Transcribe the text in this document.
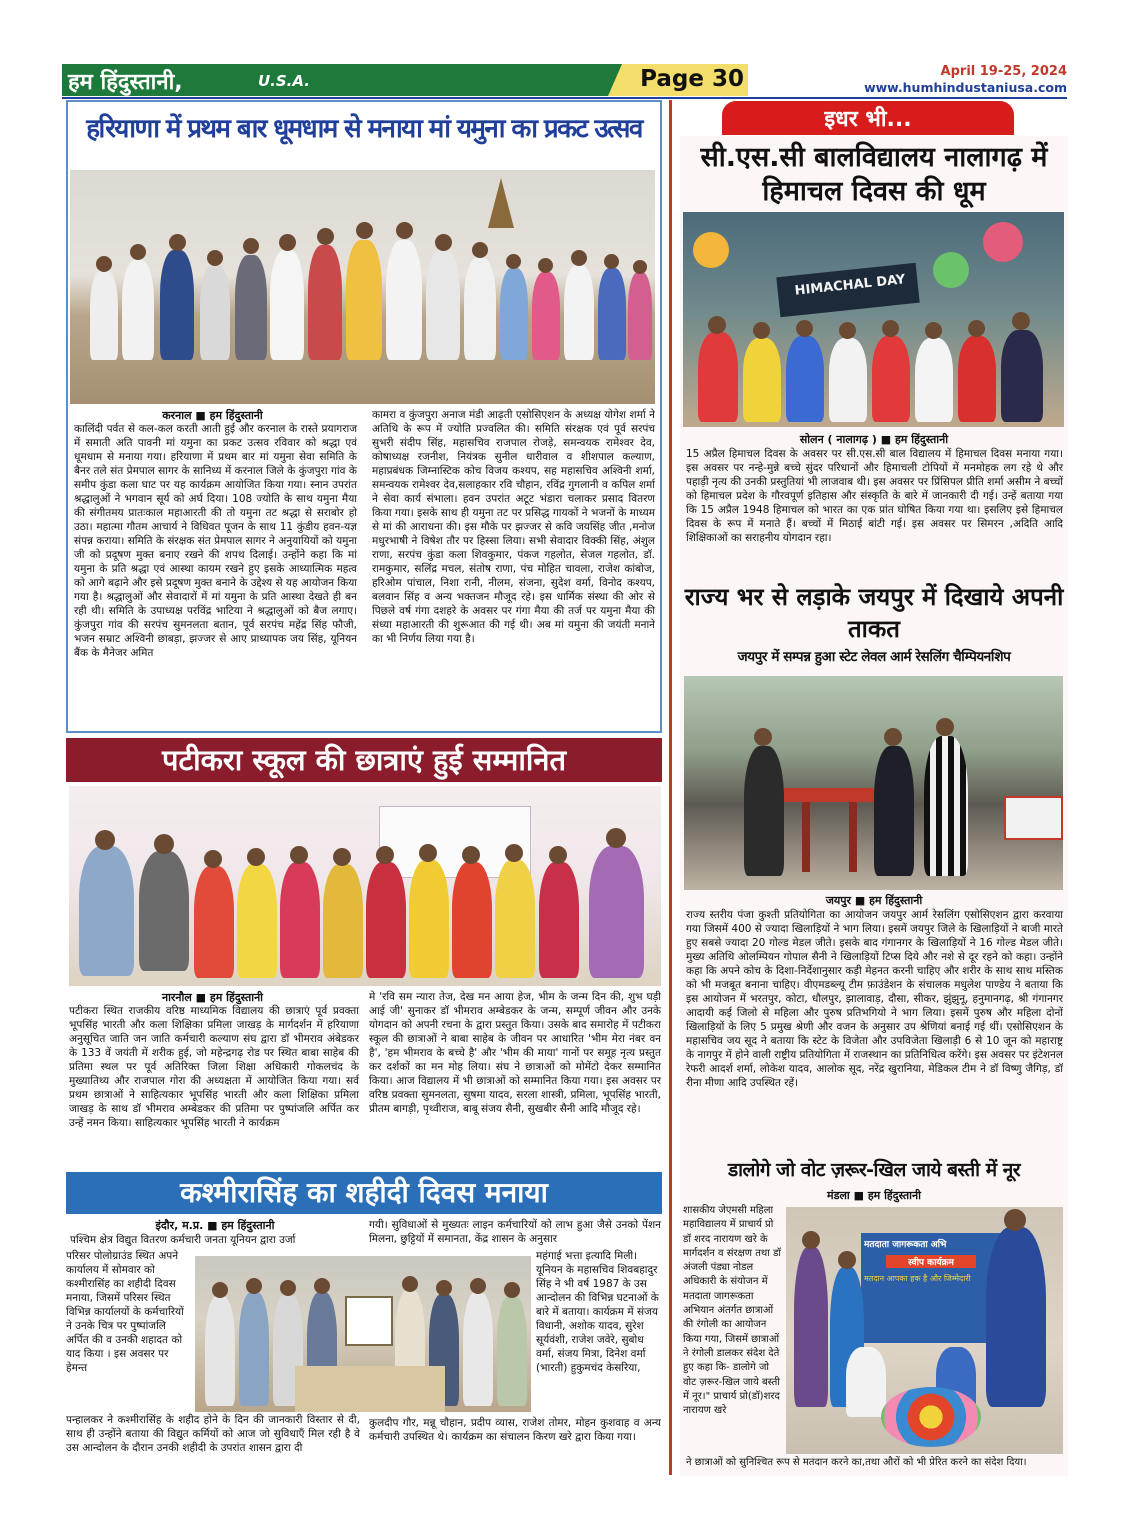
हम हिंदुस्तानी,	U.S.A.	Page 30	April 19-25, 2024
www.humhindustaniusa.com
हरियाणा में प्रथम बार धूमधाम से मनाया मां यमुना का प्रकट उत्सव
करनाल ■ हम हिंदुस्तानी

कालिंदी पर्वत से कल-कल करती आती हुई और करनाल के रास्ते प्रयागराज में समाती अति पावनी मां यमुना का प्रकट उत्सव रविवार को श्रद्धा एवं धूमधाम से मनाया गया। हरियाणा में प्रथम बार मां यमुना सेवा समिति के बैनर तले संत प्रेमपाल सागर के सानिध्य में करनाल जिले के कुंजपुरा गांव के समीप कुंडा कला घाट पर यह कार्यक्रम आयोजित किया गया। स्नान उपरांत श्रद्धालुओं ने भगवान सूर्य को अर्घ दिया। 108 ज्योति के साथ यमुना मैया की संगीतमय प्रातःकाल महाआरती की तो यमुना तट श्रद्धा से सराबोर हो उठा। महात्मा गौतम आचार्य ने विधिवत पूजन के साथ 11 कुंडीय हवन-यज्ञ संपन्न कराया। समिति के संरक्षक संत प्रेमपाल सागर ने अनुयायियों को यमुना जी को प्रदूषण मुक्त बनाए रखने की शपथ दिलाई। उन्होंने कहा कि मां यमुना के प्रति श्रद्धा एवं आस्था कायम रखने हुए इसके आध्यात्मिक महत्व को आगे बढ़ाने और इसे प्रदूषण मुक्त बनाने के उद्देश्य से यह आयोजन किया गया है। श्रद्धालुओं और सेवादारों में मां यमुना के प्रति आस्था देखते ही बन रही थी। समिति के उपाध्यक्ष परविंद्र भाटिया ने श्रद्धालुओं को बैज लगाए। कुंजपुरा गांव की सरपंच सुमनलता बतान, पूर्व सरपंच महेंद्र सिंह फौजी, भजन सम्राट अश्विनी छाबड़ा, झज्जर से आए प्राध्यापक जय सिंह, यूनियन बैंक के मैनेजर अमित

कामरा व कुंजपुरा अनाज मंडी आढ़ती एसोसिएशन के अध्यक्ष योगेश शर्मा ने अतिथि के रूप में ज्योति प्रज्वलित की। समिति संरक्षक एवं पूर्व सरपंच सुभरी संदीप सिंह, महासचिव राजपाल रोजड़े, समन्वयक रामेश्वर देव, कोषाध्यक्ष रजनीश, नियंत्रक सुनील धारीवाल व शीशपाल कल्याण, महाप्रबंधक जिम्नास्टिक कोच विजय कश्यप, सह महासचिव अश्विनी शर्मा, समन्वयक रामेश्वर देव,सलाहकार रवि चौहान, रविंद्र गुगलानी व कपिल शर्मा ने सेवा कार्य संभाला। हवन उपरांत अटूट भंडारा चलाकर प्रसाद वितरण किया गया। इसके साथ ही यमुना तट पर प्रसिद्ध गायकों ने भजनों के माध्यम से मां की आराधना की। इस मौके पर झज्जर से कवि जयसिंह जीत ,मनोज मधुरभाषी ने विषेश तौर पर हिस्सा लिया। सभी सेवादार विक्की सिंह, अंशुल राणा, सरपंच कुंडा कला शिवकुमार, पंकज गहलोत, सेजल गहलोत, डॉ. रामकुमार, सलिंद्र मचल, संतोष राणा, पंच मोहित चावला, राजेश कांबोज, हरिओम पांचाल, निशा रानी, नीलम, संजना, सुदेश वर्मा, विनोद कश्यप, बलवान सिंह व अन्य भक्तजन मौजूद रहे। इस धार्मिक संस्था की ओर से पिछले वर्ष गंगा दशहरे के अवसर पर गंगा मैया की तर्ज पर यमुना मैया की संध्या महाआरती की शुरूआत की गई थी। अब मां यमुना की जयंती मनाने का भी निर्णय लिया गया है।

पटीकरा स्कूल की छात्राएं हुई सम्मानित
नारनौल ■ हम हिंदुस्तानी

पटीकरा स्थित राजकीय वरिष्ठ माध्यमिक विद्यालय की छात्राएं पूर्व प्रवक्ता भूपसिंह भारती और कला शिक्षिका प्रमिला जाखड़ के मार्गदर्शन में हरियाणा अनुसूचित जाति जन जाति कर्मचारी कल्याण संघ द्वारा डॉ भीमराव अंबेडकर के 133 वें जयंती में शरीक हुई, जो महेन्द्रगढ़ रोड पर स्थित बाबा साहेब की प्रतिमा स्थल पर पूर्व अतिरिक्त जिला शिक्षा अधिकारी गोकलचंद के मुख्यातिथ्य और राजपाल गोरा की अध्यक्षता में आयोजित किया गया। सर्व प्रथम छात्राओं ने साहित्यकार भूपसिंह भारती और कला शिक्षिका प्रमिला जाखड़ के साथ डॉ भीमराव अम्बेडकर की प्रतिमा पर पुष्पांजलि अर्पित कर उन्हें नमन किया। साहित्यकार भूपसिंह भारती ने कार्यक्रम

मे 'रवि सम न्यारा तेज, देख मन आया हेज, भीम के जन्म दिन की, शुभ घड़ी आई जी' सुनाकर डॉ भीमराव अम्बेडकर के जन्म, सम्पूर्ण जीवन और उनके योगदान को अपनी रचना के द्वारा प्रस्तुत किया। उसके बाद समारोह में पटीकरा स्कूल की छात्राओं ने बाबा साहेब के जीवन पर आधारित 'भीम मेरा नंबर वन है', 'हम भीमराव के बच्चे है' और 'भीम की माया' गानों पर समूह नृत्य प्रस्तुत कर दर्शकों का मन मोह लिया। संघ ने छात्राओं को मोमेंटो देकर सम्मानित किया। आज विद्यालय में भी छात्राओं को सम्मानित किया गया। इस अवसर पर वरिष्ठ प्रवक्ता सुमनलता, सुषमा यादव, सरला शास्त्री, प्रमिला, भूपसिंह भारती, प्रीतम बागड़ी, पृथ्वीराज, बाबू संजय सैनी, सुखबीर सैनी आदि मौजूद रहे।

कश्मीरासिंह का शहीदी दिवस मनाया
इंदौर, म.प्र. ■ हम हिंदुस्तानी

पश्चिम क्षेत्र विद्युत वितरण कर्मचारी जनता यूनियन द्वारा उर्जा

परिसर पोलोग्राउंड स्थित अपने कार्यालय में सोमवार को कश्मीरासिंह का शहीदी दिवस मनाया, जिसमें परिसर स्थित विभिन्न कार्यालयों के कर्मचारियों ने उनके चित्र पर पुष्पांजलि अर्पित की व उनकी शहादत को याद किया । इस अवसर पर हेमन्त

गयी। सुविधाओं से मुख्यतः लाइन कर्मचारियों को लाभ हुआ जैसे उनको पेंशन मिलना, छुट्टियों में समानता, केंद्र शासन के अनुसार

महंगाई भत्ता इत्यादि मिली। यूनियन के महासचिव शिवबहादुर सिंह ने भी वर्ष 1987 के उस आन्दोलन की विभिन्न घटनाओं के बारे में बताया। कार्यक्रम में संजय विधानी, अशोक यादव, सुरेश सूर्यवंशी, राजेश जवेरे, सुबोध वर्मा, संजय मित्रा, दिनेश वर्मा (भारती) हुकुमचंद केसरिया,

पन्हालकर ने कश्मीरासिंह के शहीद होने के दिन की जानकारी विस्तार से दी, साथ ही उन्होंने बताया की विद्युत कर्मियों को आज जो सुविधाएँ मिल रही है वे उस आन्दोलन के दौरान उनकी शहीदी के उपरांत शासन द्वारा दी

कुलदीप गौर, मन्नू चौहान, प्रदीप व्यास, राजेश तोमर, मोहन कुशवाह व अन्य कर्मचारी उपस्थित थे। कार्यक्रम का संचालन किरण खरे द्वारा किया गया।

इधर भी...
सी.एस.सी बालविद्यालय नालागढ़ में हिमाचल दिवस की धूम
HIMACHAL DAY
सोलन ( नालागढ़ ) ■ हम हिंदुस्तानी

15 अप्रैल हिमाचल दिवस के अवसर पर सी.एस.सी बाल विद्यालय में हिमाचल दिवस मनाया गया। इस अवसर पर नन्हे-मुन्ने बच्चे सुंदर परिधानों और हिमाचली टोपियों में मनमोहक लग रहे थे और पहाड़ी नृत्य की उनकी प्रस्तुतियां भी लाजवाब थी। इस अवसर पर प्रिंसिपल प्रीति शर्मा असीम ने बच्चों को हिमाचल प्रदेश के गौरवपूर्ण इतिहास और संस्कृति के बारे में जानकारी दी गई। उन्हें बताया गया कि 15 अप्रैल 1948 हिमाचल को भारत का एक प्रांत घोषित किया गया था। इसलिए इसे हिमाचल दिवस के रूप में मनाते हैं। बच्चों में मिठाई बांटी गई। इस अवसर पर सिमरन ,अदिति आदि शिक्षिकाओं का सराहनीय योगदान रहा।

राज्य भर से लड़ाके जयपुर में दिखाये अपनी ताकत
जयपुर में सम्पन्न हुआ स्टेट लेवल आर्म रेसलिंग चैम्पियनशिप
जयपुर ■ हम हिंदुस्तानी

राज्य स्तरीय पंजा कुश्ती प्रतियोगिता का आयोजन जयपुर आर्म रेसलिंग एसोसिएशन द्वारा करवाया गया जिसमें 400 से ज्यादा खिलाड़ियों ने भाग लिया। इसमें जयपुर जिले के खिलाड़ियों ने बाजी मारते हुए सबसे ज्यादा 20 गोल्ड मेडल जीते। इसके बाद गंगानगर के खिलाड़ियों ने 16 गोल्ड मेडल जीते। मुख्य अतिथि ओलम्पियन गोपाल सैनी ने खिलाड़ियों टिप्स दिये और नशे से दूर रहने को कहा। उन्होंने कहा कि अपने कोच के दिशा-निर्देशानुसार कड़ी मेहनत करनी चाहिए और शरीर के साथ साथ मस्तिक को भी मजबूत बनाना चाहिए। वीएमडब्ल्यू टीम फ़ाउंडेशन के संचालक मधुलेश पाण्डेय ने बताया कि इस आयोजन में भरतपुर, कोटा, धौलपुर, झालावाड़, दौसा, सीकर, झुंझुनू, हनुमानगढ़, श्री गंगानगर आदायी कई जिलो से महिला और पुरुष प्रतिभगियो ने भाग लिया। इसमें पुरुष और महिला दोनों खिलाड़ियों के लिए 5 प्रमुख श्रेणी और वजन के अनुसार उप श्रेणियां बनाई गई थीं। एसोसिएशन के महासचिव जय सूद ने बताया कि स्टेट के विजेता और उपविजेता खिलाड़ी 6 से 10 जून को महाराष्ट्र के नागपुर में होने वाली राष्ट्रीय प्रतियोगिता में राजस्थान का प्रतिनिधित्व करेंगे। इस अवसर पर इंटेशनल रेफरी आदर्श शर्मा, लोकेश यादव, आलोक सूद, नरेंद्र खुरानिया, मेडिकल टीम ने डॉ विष्णु जैगिड़, डॉ रीना मीणा आदि उपस्थित रहें।

डालोगे जो वोट ज़रूर-खिल जाये बस्ती में नूर
मंडला ■ हम हिंदुस्तानी

शासकीय जेएमसी महिला महाविद्यालय में प्राचार्य प्रो डॉ शरद नारायण खरे के मार्गदर्शन व संरक्षण तथा डॉ अंजली पंड्या नोडल अधिकारी के संयोजन में मतदाता जागरूकता अभियान अंतर्गत छात्राओं की रंगोली का आयोजन किया गया, जिसमें छात्राओं ने रंगोली डालकर संदेश देते हुए कहा कि- डालोगे जो वोट ज़रूर-खिल जाये बस्ती में नूर।" प्राचार्य प्रो(डॉ)शरद नारायण खरे

मतदाता जागरूकता अभि
स्वीप कार्यक्रम
मतदान आपका हक है और जिम्मेदारी

ने छात्राओं को सुनिश्चित रूप से मतदान करने का,तथा औरों को भी प्रेरित करने का संदेश दिया।
